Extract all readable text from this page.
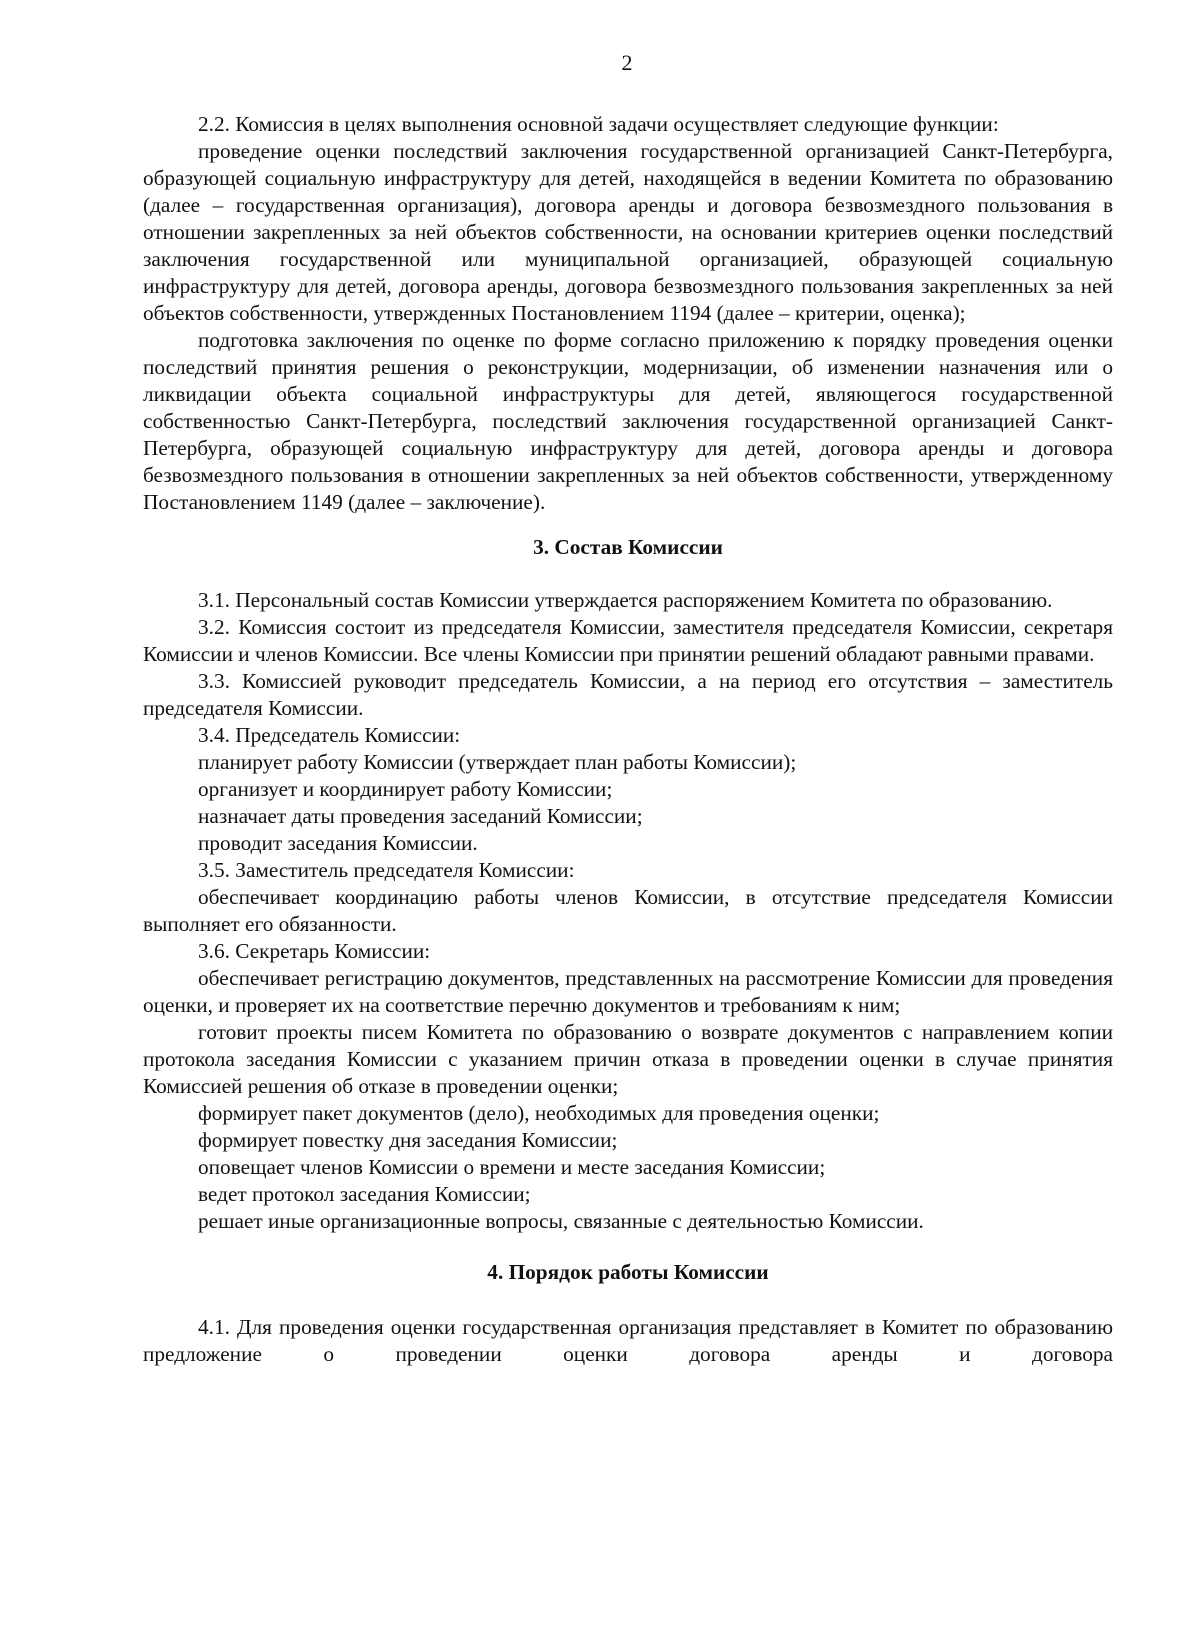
2

2.2. Комиссия в целях выполнения основной задачи осуществляет следующие функции:

проведение оценки последствий заключения государственной организацией Санкт-Петербурга, образующей социальную инфраструктуру для детей, находящейся в ведении Комитета по образованию (далее – государственная организация), договора аренды и договора безвозмездного пользования в отношении закрепленных за ней объектов собственности, на основании критериев оценки последствий заключения государственной или муниципальной организацией, образующей социальную инфраструктуру для детей, договора аренды, договора безвозмездного пользования закрепленных за ней объектов собственности, утвержденных Постановлением 1194 (далее – критерии, оценка);

подготовка заключения по оценке по форме согласно приложению к порядку проведения оценки последствий принятия решения о реконструкции, модернизации, об изменении назначения или о ликвидации объекта социальной инфраструктуры для детей, являющегося государственной собственностью Санкт-Петербурга, последствий заключения государственной организацией Санкт-Петербурга, образующей социальную инфраструктуру для детей, договора аренды и договора безвозмездного пользования в отношении закрепленных за ней объектов собственности, утвержденному Постановлением 1149 (далее – заключение).

3. Состав Комиссии

3.1. Персональный состав Комиссии утверждается распоряжением Комитета по образованию.

3.2. Комиссия состоит из председателя Комиссии, заместителя председателя Комиссии, секретаря Комиссии и членов Комиссии. Все члены Комиссии при принятии решений обладают равными правами.

3.3. Комиссией руководит председатель Комиссии, а на период его отсутствия – заместитель председателя Комиссии.

3.4. Председатель Комиссии:

планирует работу Комиссии (утверждает план работы Комиссии);

организует и координирует работу Комиссии;

назначает даты проведения заседаний Комиссии;

проводит заседания Комиссии.

3.5. Заместитель председателя Комиссии:

обеспечивает координацию работы членов Комиссии, в отсутствие председателя Комиссии выполняет его обязанности.

3.6. Секретарь Комиссии:

обеспечивает регистрацию документов, представленных на рассмотрение Комиссии для проведения оценки, и проверяет их на соответствие перечню документов и требованиям к ним;

готовит проекты писем Комитета по образованию о возврате документов с направлением копии протокола заседания Комиссии с указанием причин отказа в проведении оценки в случае принятия Комиссией решения об отказе в проведении оценки;

формирует пакет документов (дело), необходимых для проведения оценки;

формирует повестку дня заседания Комиссии;

оповещает членов Комиссии о времени и месте заседания Комиссии;

ведет протокол заседания Комиссии;

решает иные организационные вопросы, связанные с деятельностью Комиссии.

4. Порядок работы Комиссии

4.1. Для проведения оценки государственная организация представляет в Комитет по образованию предложение о проведении оценки договора аренды и договора
